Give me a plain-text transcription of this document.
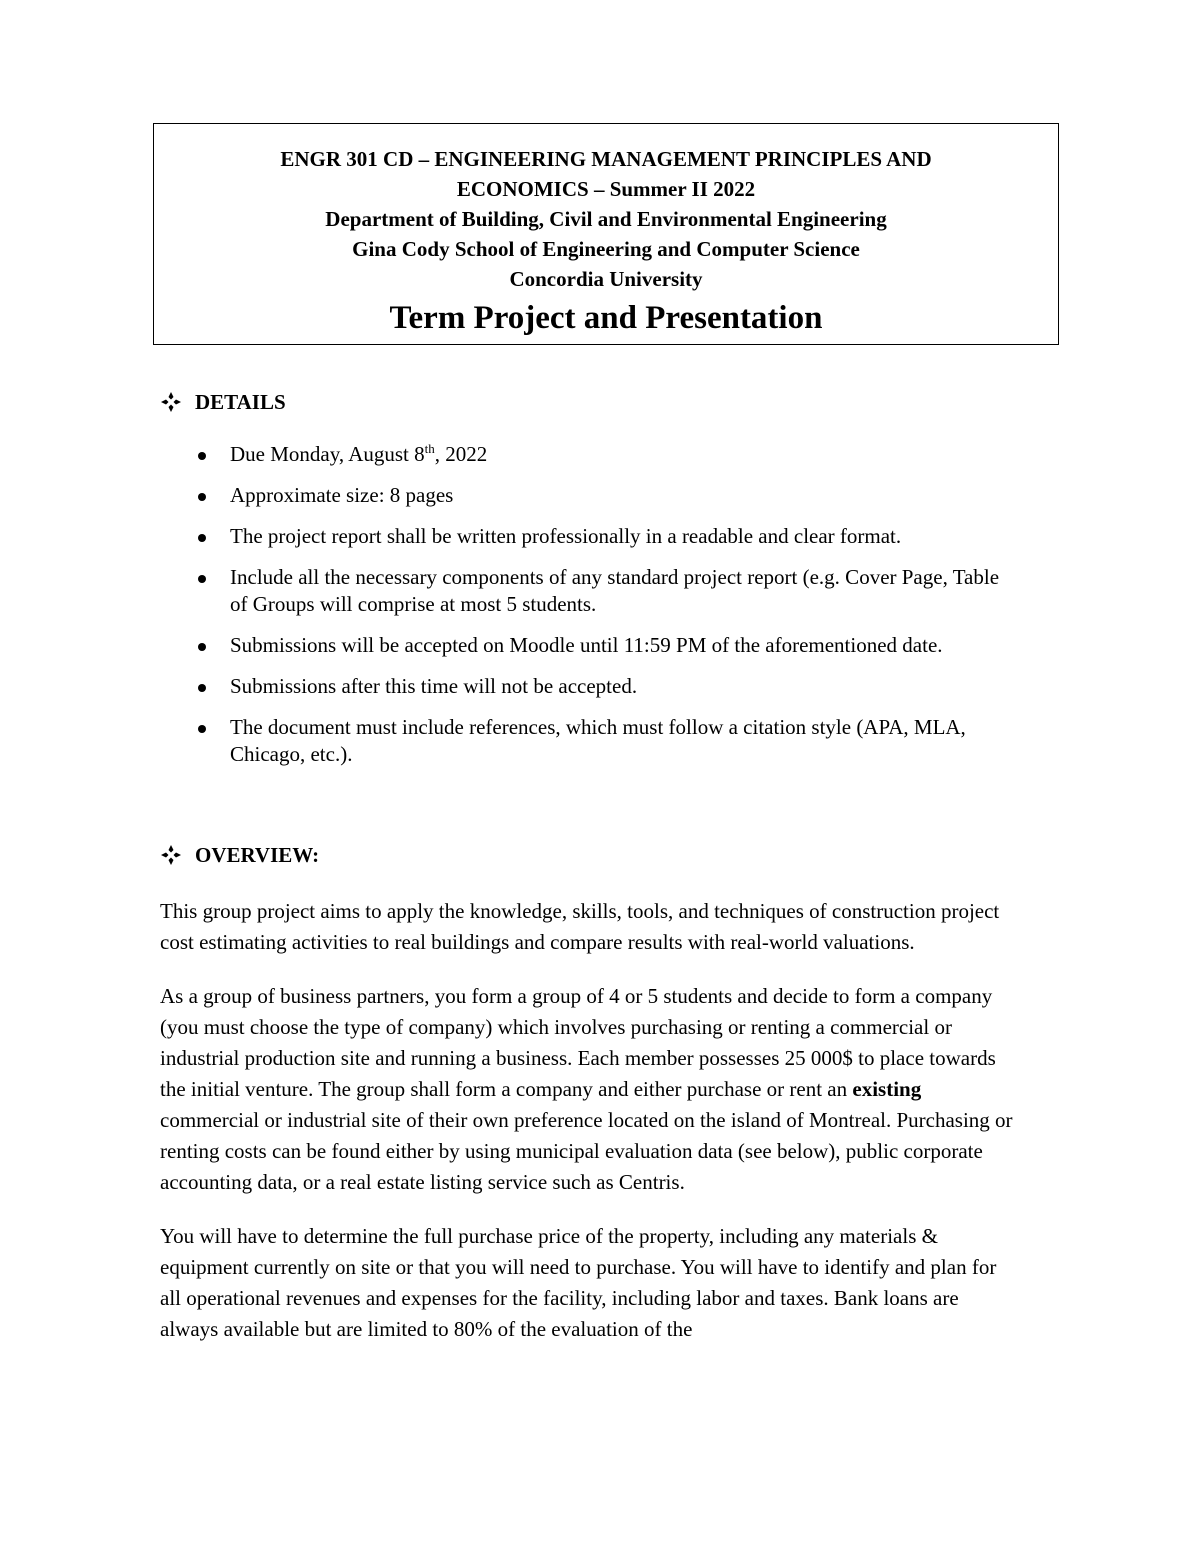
ENGR 301 CD – ENGINEERING MANAGEMENT PRINCIPLES AND
ECONOMICS – Summer II 2022
Department of Building, Civil and Environmental Engineering
Gina Cody School of Engineering and Computer Science
Concordia University
Term Project and Presentation
DETAILS
Due Monday, August 8th, 2022
Approximate size: 8 pages
The project report shall be written professionally in a readable and clear format.
Include all the necessary components of any standard project report (e.g. Cover Page, Table of Groups will comprise at most 5 students.
Submissions will be accepted on Moodle until 11:59 PM of the aforementioned date.
Submissions after this time will not be accepted.
The document must include references, which must follow a citation style (APA, MLA, Chicago, etc.).
OVERVIEW:

This group project aims to apply the knowledge, skills, tools, and techniques of construction project cost estimating activities to real buildings and compare results with real-world valuations.

As a group of business partners, you form a group of 4 or 5 students and decide to form a company (you must choose the type of company) which involves purchasing or renting a commercial or industrial production site and running a business. Each member possesses 25 000$ to place towards the initial venture. The group shall form a company and either purchase or rent an existing commercial or industrial site of their own preference located on the island of Montreal. Purchasing or renting costs can be found either by using municipal evaluation data (see below), public corporate accounting data, or a real estate listing service such as Centris.

You will have to determine the full purchase price of the property, including any materials & equipment currently on site or that you will need to purchase. You will have to identify and plan for all operational revenues and expenses for the facility, including labor and taxes. Bank loans are always available but are limited to 80% of the evaluation of the
